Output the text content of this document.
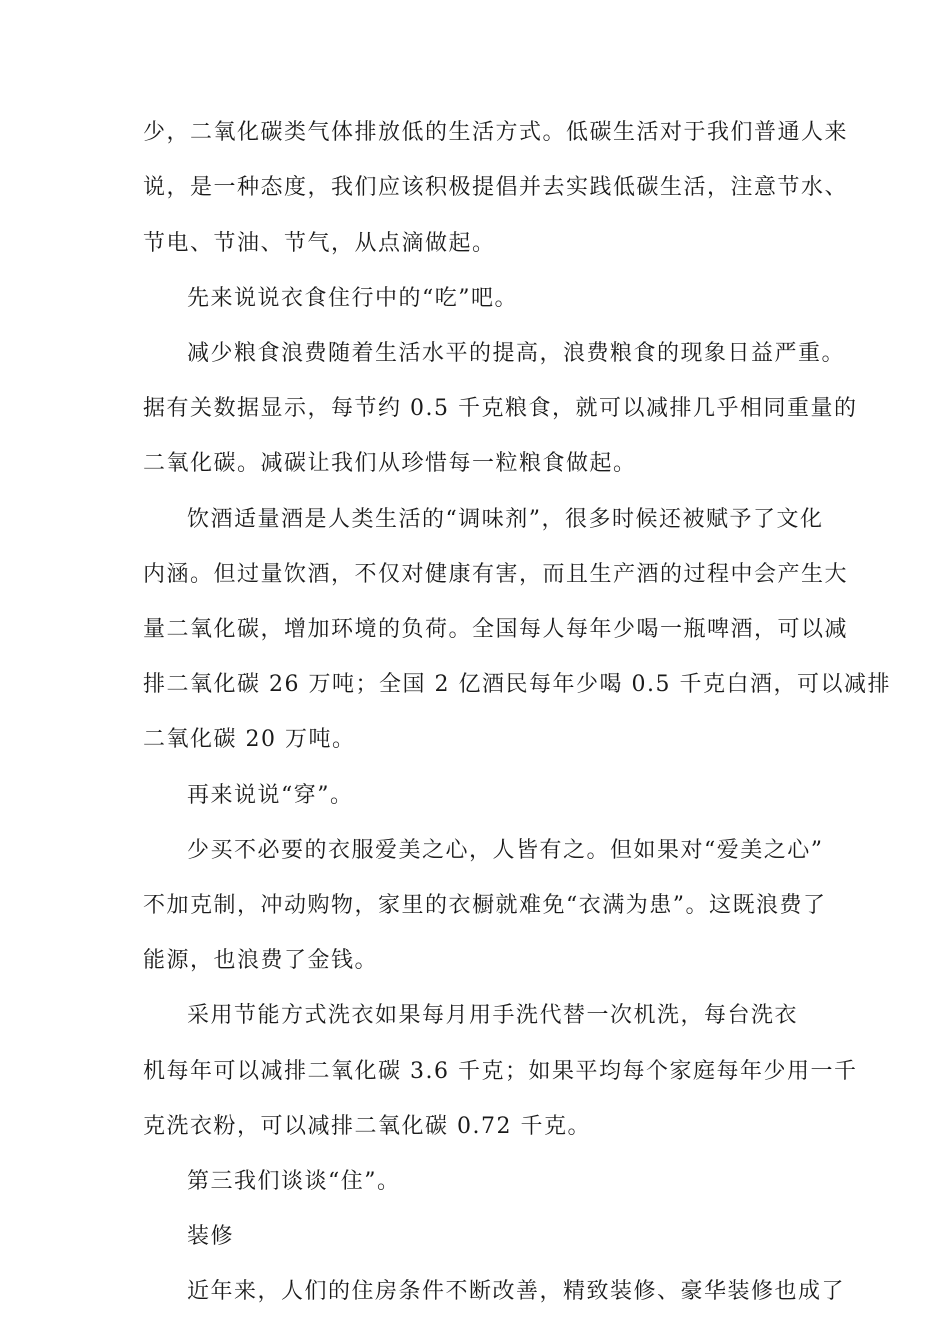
少，二氧化碳类气体排放低的生活方式。低碳生活对于我们普通人来
说，是一种态度，我们应该积极提倡并去实践低碳生活，注意节水、
节电、节油、节气，从点滴做起。
先来说说衣食住行中的“吃”吧。
减少粮食浪费随着生活水平的提高，浪费粮食的现象日益严重。
据有关数据显示，每节约 0.5 千克粮食，就可以减排几乎相同重量的
二氧化碳。减碳让我们从珍惜每一粒粮食做起。
饮酒适量酒是人类生活的“调味剂”，很多时候还被赋予了文化
内涵。但过量饮酒，不仅对健康有害，而且生产酒的过程中会产生大
量二氧化碳，增加环境的负荷。全国每人每年少喝一瓶啤酒，可以减
排二氧化碳 26 万吨；全国 2 亿酒民每年少喝 0.5 千克白酒，可以减排
二氧化碳 20 万吨。
再来说说“穿”。
少买不必要的衣服爱美之心，人皆有之。但如果对“爱美之心”
不加克制，冲动购物，家里的衣橱就难免“衣满为患”。这既浪费了
能源，也浪费了金钱。
采用节能方式洗衣如果每月用手洗代替一次机洗，每台洗衣
机每年可以减排二氧化碳 3.6 千克；如果平均每个家庭每年少用一千
克洗衣粉，可以减排二氧化碳 0.72 千克。
第三我们谈谈“住”。
装修
近年来，人们的住房条件不断改善，精致装修、豪华装修也成了
